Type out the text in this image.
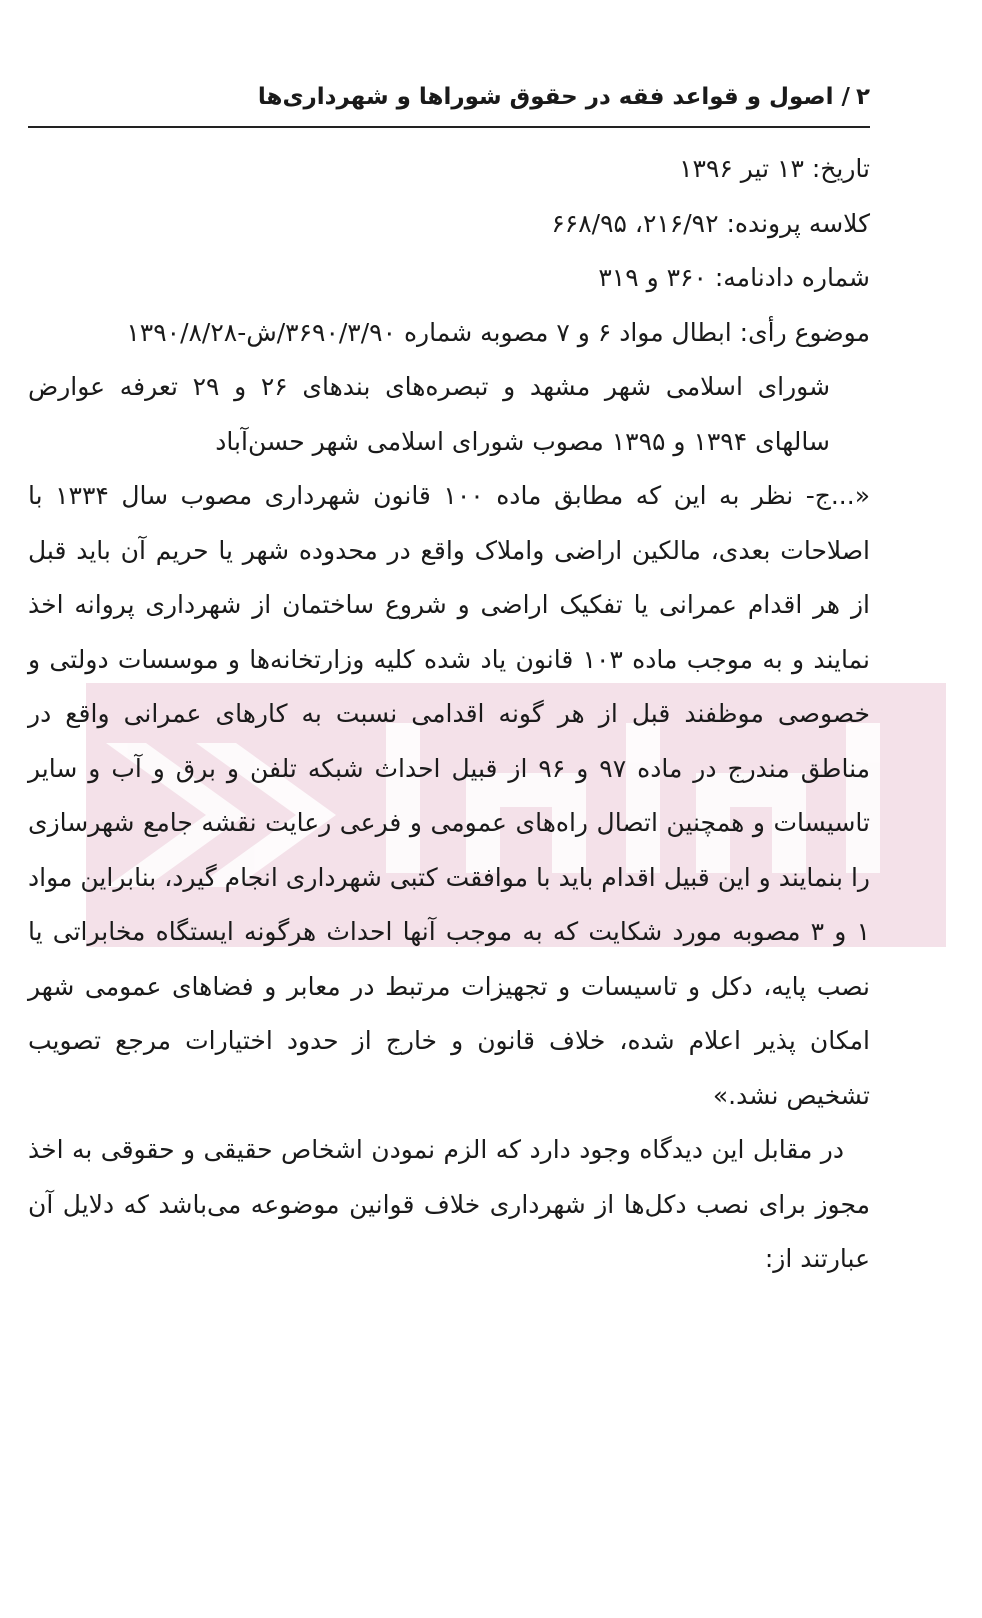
۲
/
اصول و قواعد فقه در حقوق شوراها و شهرداری‌ها

تاریخ: ۱۳ تیر ۱۳۹۶

کلاسه پرونده: ۲۱۶/۹۲، ۶۶۸/۹۵

شماره دادنامه: ۳۶۰ و ۳۱۹

موضوع رأی: ابطال مواد ۶ و ۷ مصوبه شماره ۳۶۹۰/۳/۹۰/ش-۱۳۹۰/۸/۲۸
شورای اسلامی شهر مشهد و تبصره‌های بندهای ۲۶ و ۲۹ تعرفه عوارض سالهای ۱۳۹۴ و ۱۳۹۵ مصوب شورای اسلامی شهر حسن‌آباد

«...ج- نظر به این که مطابق ماده ۱۰۰ قانون شهرداری مصوب سال ۱۳۳۴ با اصلاحات بعدی، مالکین اراضی واملاک واقع در محدوده شهر یا حریم آن باید قبل از هر اقدام عمرانی یا تفکیک اراضی و شروع ساختمان از شهرداری پروانه اخذ نمایند و به موجب ماده ۱۰۳ قانون یاد شده کلیه وزارتخانه‌ها و موسسات دولتی و خصوصی موظفند قبل از هر گونه اقدامی نسبت به کارهای عمرانی واقع در مناطق مندرج در ماده ۹۷ و ۹۶ از قبیل احداث شبکه تلفن و برق و آب و سایر تاسیسات و همچنین اتصال راه‌های عمومی و فرعی رعایت نقشه جامع شهرسازی را بنمایند و این قبیل اقدام باید با موافقت کتبی شهرداری انجام گیرد، بنابراین مواد ۱ و ۳ مصوبه مورد شکایت که به موجب آنها احداث هرگونه ایستگاه مخابراتی یا نصب پایه، دکل و تاسیسات و تجهیزات مرتبط در معابر و فضاهای عمومی شهر امکان پذیر اعلام شده، خلاف قانون و خارج از حدود اختیارات مرجع تصویب تشخیص نشد.»

در مقابل این دیدگاه وجود دارد که الزم نمودن اشخاص حقیقی و حقوقی به اخذ مجوز برای نصب دکل‌ها از شهرداری خلاف قوانین موضوعه می‌باشد که دلایل آن عبارتند از:
